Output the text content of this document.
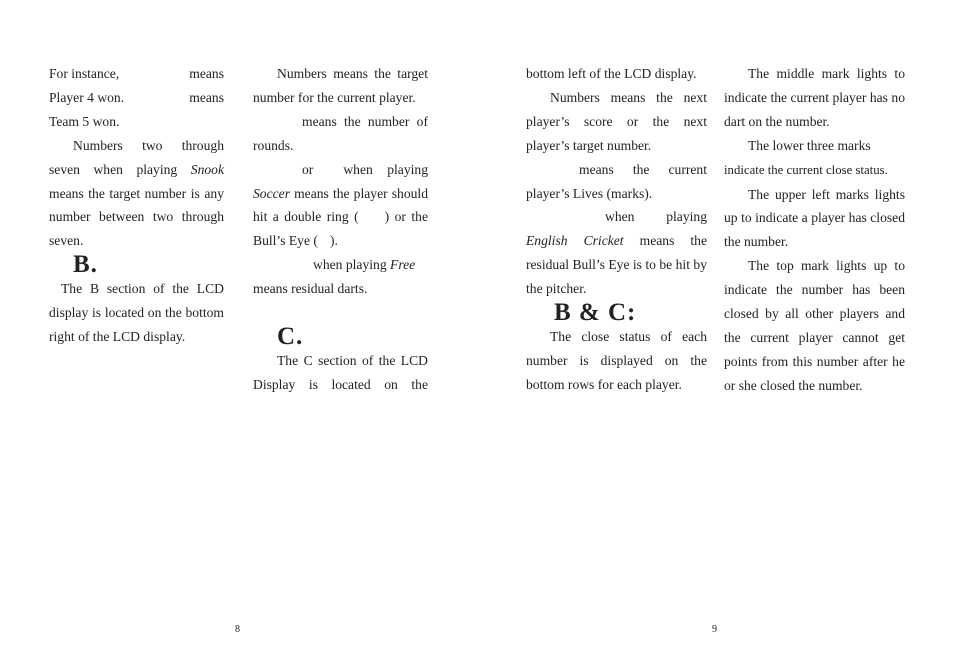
For instance,	means
Player 4 won.	means
Team 5 won.

Numbers two through seven when playing Snook means the target number is any number between two through seven.

B.

The B section of the LCD display is located on the bottom right of the LCD display.

Numbers means the target number for the current player.

means the number of rounds.

or when playing Soccer means the player should hit a double ring ( ) or the Bull’s Eye ( ).

when playing Free
means residual darts.

C.

The C section of the LCD Display is located on the

8

bottom left of the LCD display.

Numbers means the next player’s score or the next player’s target number.

means the current player’s Lives (marks).

when playing English Cricket means the residual Bull’s Eye is to be hit by the pitcher.

B & C:

The close status of each number is displayed on the bottom rows for each player.

The middle mark lights to indicate the current player has no dart on the number.

The lower three marks
indicate the current close status.

The upper left marks lights up to indicate a player has closed the number.

The top mark lights up to indicate the number has been closed by all other players and the current player cannot get points from this number after he or she closed the number.

9
